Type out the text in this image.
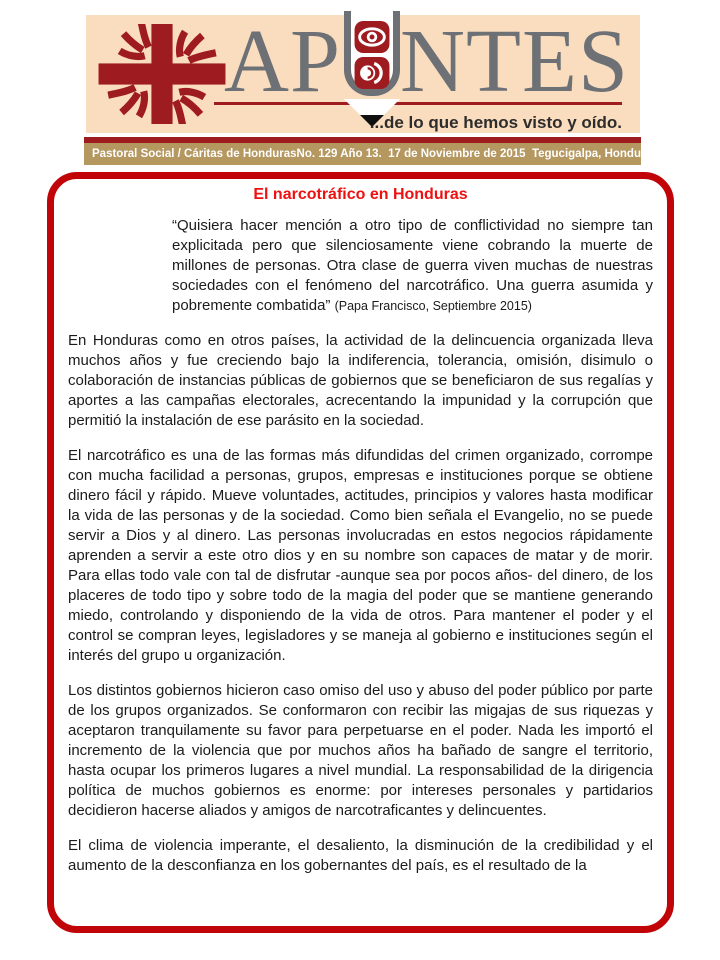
AP NTES
...de lo que hemos visto y oído.
Pastoral Social / Cáritas de Honduras No. 129 Año 13.  17 de Noviembre de 2015  Tegucigalpa, Honduras
El narcotráfico en Honduras

“Quisiera hacer mención a otro tipo de conflictividad no siempre tan explicitada pero que silenciosamente viene cobrando la muerte de millones de personas. Otra clase de guerra viven muchas de nuestras sociedades con el fenómeno del narcotráfico. Una guerra asumida y pobremente combatida” (Papa Francisco, Septiembre 2015)

En Honduras como en otros países, la actividad de la delincuencia organizada lleva muchos años y fue creciendo bajo la indiferencia, tolerancia, omisión, disimulo o colaboración de instancias públicas de gobiernos que se beneficiaron de sus regalías y aportes a las campañas electorales, acrecentando la impunidad y la corrupción que permitió la instalación de ese parásito en la sociedad.

El narcotráfico es una de las formas más difundidas del crimen organizado, corrompe con mucha facilidad a personas, grupos, empresas e instituciones porque se obtiene dinero fácil y rápido. Mueve voluntades, actitudes, principios y valores hasta modificar la vida de las personas y de la sociedad. Como bien señala el Evangelio, no se puede servir a Dios y al dinero. Las personas involucradas en estos negocios rápidamente aprenden a servir a este otro dios y en su nombre son capaces de matar y de morir. Para ellas todo vale con tal de disfrutar -aunque sea por pocos años- del dinero, de los placeres de todo tipo y sobre todo de la magia del poder que se mantiene generando miedo, controlando y disponiendo de la vida de otros. Para mantener el poder y el control se compran leyes, legisladores y se maneja al gobierno e instituciones según el interés del grupo u organización.

Los distintos gobiernos hicieron caso omiso del uso y abuso del poder público por parte de los grupos organizados. Se conformaron con recibir las migajas de sus riquezas y aceptaron tranquilamente su favor para perpetuarse en el poder. Nada les importó el incremento de la violencia que por muchos años ha bañado de sangre el territorio, hasta ocupar los primeros lugares a nivel mundial. La responsabilidad de la dirigencia política de muchos gobiernos es enorme: por intereses personales y partidarios decidieron hacerse aliados y amigos de narcotraficantes y delincuentes.

El clima de violencia imperante, el desaliento, la disminución de la credibilidad y el aumento de la desconfianza en los gobernantes del país, es el resultado de la
